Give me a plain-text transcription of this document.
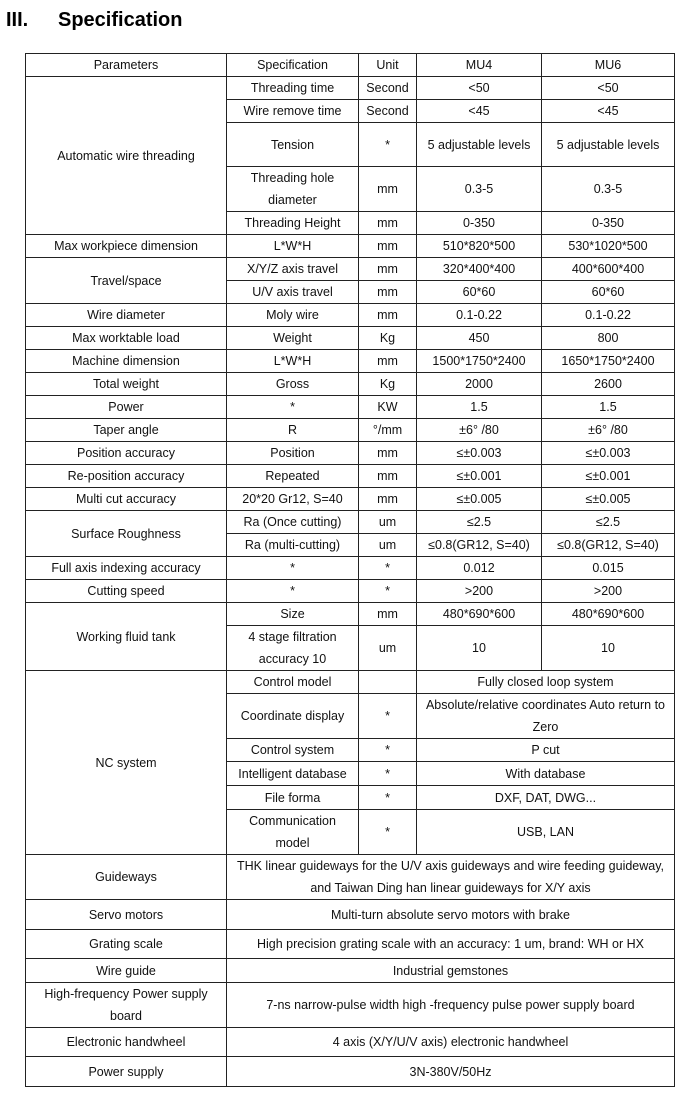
III. Specification
Parameters	Specification	Unit	MU4	MU6
Automatic wire threading	Threading time	Second	<50	<50
	Wire remove time	Second	<45	<45
	Tension	*	5 adjustable levels	5 adjustable levels
	Threading hole diameter	mm	0.3-5	0.3-5
	Threading Height	mm	0-350	0-350
Max workpiece dimension	L*W*H	mm	510*820*500	530*1020*500
Travel/space	X/Y/Z axis travel	mm	320*400*400	400*600*400
	U/V axis travel	mm	60*60	60*60
Wire diameter	Moly wire	mm	0.1-0.22	0.1-0.22
Max worktable load	Weight	Kg	450	800
Machine dimension	L*W*H	mm	1500*1750*2400	1650*1750*2400
Total weight	Gross	Kg	2000	2600
Power	*	KW	1.5	1.5
Taper angle	R	°/mm	±6° /80	±6° /80
Position accuracy	Position	mm	≤±0.003	≤±0.003
Re-position accuracy	Repeated	mm	≤±0.001	≤±0.001
Multi cut accuracy	20*20 Gr12, S=40	mm	≤±0.005	≤±0.005
Surface Roughness	Ra (Once cutting)	um	≤2.5	≤2.5
	Ra (multi-cutting)	um	≤0.8(GR12, S=40)	≤0.8(GR12, S=40)
Full axis indexing accuracy	*	*	0.012	0.015
Cutting speed	*	*	>200	>200
Working fluid tank	Size	mm	480*690*600	480*690*600
	4 stage filtration accuracy 10	um	10	10
NC system	Control model		Fully closed loop system	
	Coordinate display	*	Absolute/relative coordinates Auto return to Zero	
	Control system	*	P cut	
	Intelligent database	*	With database	
	File forma	*	DXF, DAT, DWG...	
	Communication model	*	USB, LAN	
Guideways	THK linear guideways for the U/V axis guideways and wire feeding guideway, and Taiwan Ding han linear guideways for X/Y axis			
Servo motors	Multi-turn absolute servo motors with brake			
Grating scale	High precision grating scale with an accuracy: 1 um, brand: WH or HX			
Wire guide	Industrial gemstones			
High-frequency Power supply board	7-ns narrow-pulse width high -frequency pulse power supply board			
Electronic handwheel	4 axis (X/Y/U/V axis) electronic handwheel			
Power supply	3N-380V/50Hz			
